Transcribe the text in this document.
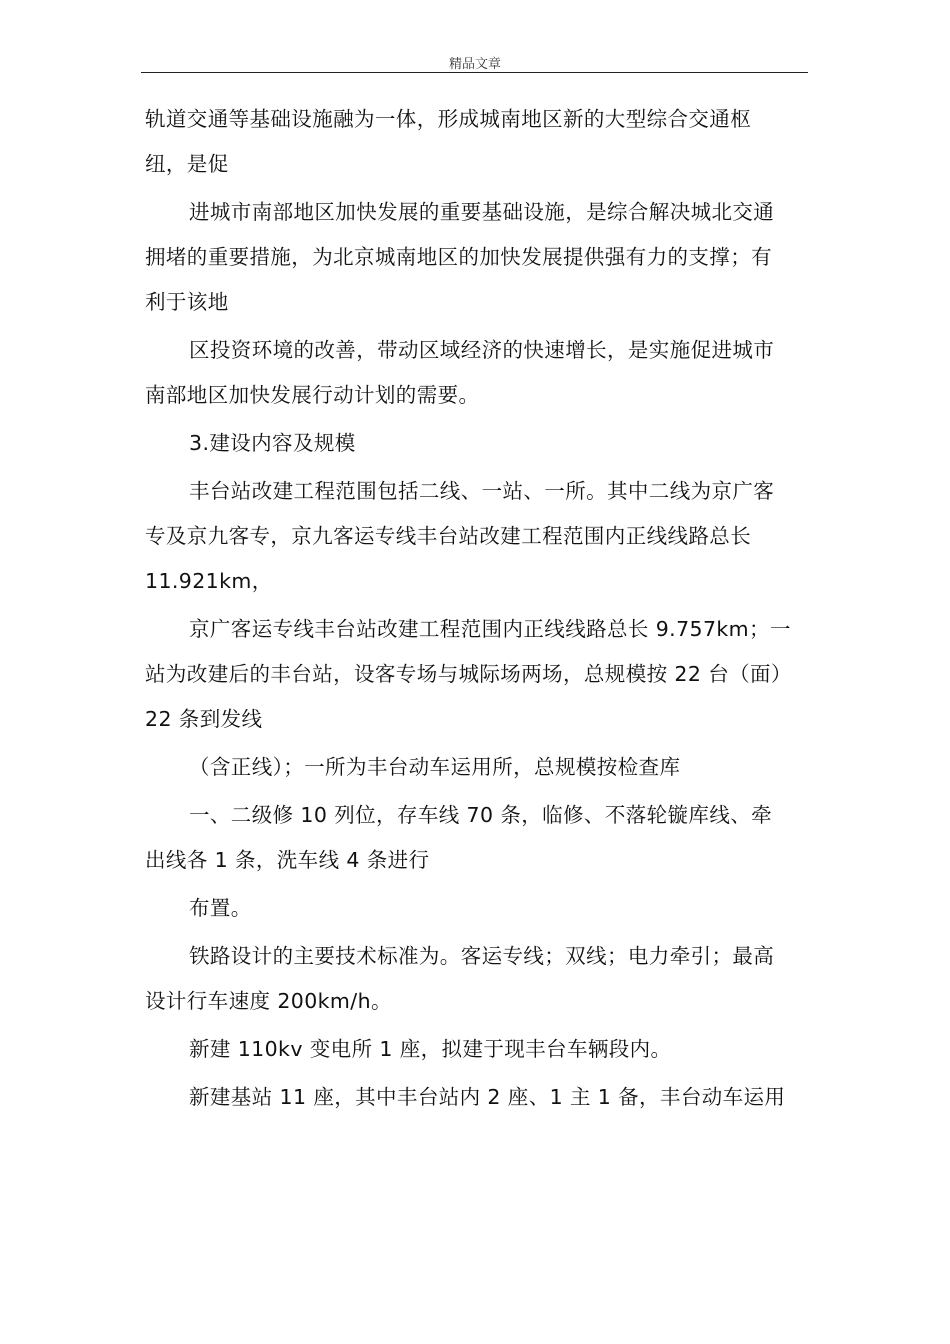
精品文章

轨道交通等基础设施融为一体，形成城南地区新的大型综合交通枢
纽，是促

进城市南部地区加快发展的重要基础设施，是综合解决城北交通
拥堵的重要措施，为北京城南地区的加快发展提供强有力的支撑；有
利于该地

区投资环境的改善，带动区域经济的快速增长，是实施促进城市
南部地区加快发展行动计划的需要。

3.建设内容及规模

丰台站改建工程范围包括二线、一站、一所。其中二线为京广客
专及京九客专，京九客运专线丰台站改建工程范围内正线线路总长
11.921km，

京广客运专线丰台站改建工程范围内正线线路总长 9.757km；一
站为改建后的丰台站，设客专场与城际场两场，总规模按 22 台（面）
22 条到发线

（含正线）；一所为丰台动车运用所，总规模按检查库

一、二级修 10 列位，存车线 70 条，临修、不落轮镟库线、牵
出线各 1 条，洗车线 4 条进行

布置。

铁路设计的主要技术标准为。客运专线；双线；电力牵引；最高
设计行车速度 200km/h。

新建 110kv 变电所 1 座，拟建于现丰台车辆段内。

新建基站 11 座，其中丰台站内 2 座、1 主 1 备，丰台动车运用
